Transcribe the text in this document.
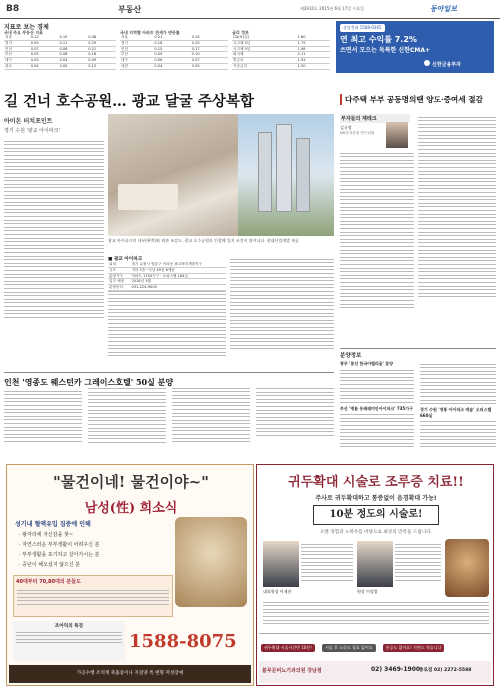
B8	부동산	제2910호 2015년 6월 17일 수요일	동아일보
지표로 보는 경제
국내 주요 부동산 지표
서울	0.12	0.15	0.38
경기	0.09	0.11	0.29
인천	0.07	0.08	0.21
부산	0.05	0.06	0.18
대구	0.03	0.04	0.09
광주	0.04	0.05	0.12
국내 지역별 아파트 전세가 변동률
서울	0.21	0.24
경기	0.18	0.20
인천	0.15	0.17
부산	0.09	0.10
대구	0.06	0.07
대전	0.04	0.05
금리 정보
CD(91일)	1.60
국고채 3년	1.75
국고채 5년	1.98
회사채	2.11
콜금리	1.52
기준금리	1.50
상담전화 1588-0365
연 최고 수익률 7.2%
쓰면서 모으는 독특한 신한CMA+
신한금융투자
길 건너 호수공원… 광교 달굴 주상복합
아이돈 터치포인트
경기 수원 '광교 아이파크'
광교 아이파크의 내부(왼쪽)와 외관 조감도. 광교 호수공원과 인접해 입지 조건이 뛰어나다. 현대산업개발 제공
■ 광교 아이파크
위치	경기 수원시 영통구 이의동 광교택지개발지구
규모	지하 5층~지상 49층 6개동
분양가구	아파트 1750가구 · 오피스텔 164실
입주 예정	2018년 3월
분양문의	031-224-9000
인천 '영종도 웨스턴카 그레이스호텔' 50실 분양
다주택 부부 공동명의땐 양도·증여세 절감
부자들의 재테크
김규정
NH투자증권 연구위원
분양정보
광주 '봉선 한국아델리움' 분양
부산 '명륜 동래래미안아이파크' 735가구 경기 수원 '영통 아이파크 캐슬' 오피스텔 660실
"물건이네! 물건이야~"
남성(性) 희소식
성기내 혈액유입 집중에 인해
· 왕자리에 자신감을 찾~
· 자연스러운 부부생활이 어려우신 분
· 부부생활을 포기하고 살아가시는 분
· 중년이 해오셨지 않으신 분
40대부터 70,80대의 분들도
조아덕의 특징
1588-8075
가공수행 조치계 축흡증이나 지질양 특 변형 저성장애
귀두확대 시술로 조루증 치료!!
주사로 귀두확대하고 통증없이 음경확대 가능!
10분 정도의 시술로!
오랜 경험과 노하우를 바탕으로 최상의 만족을 드립니다.
대표원장 이재관	원장 이정열
귀두확대 시술시간만 10분!	시술 후 소독도 필요 없어요	통증도 없어요! 지연도 적습니다
블루문비뇨기과의원 강남점	02) 3469-1900
종로점 02) 2272-5588
